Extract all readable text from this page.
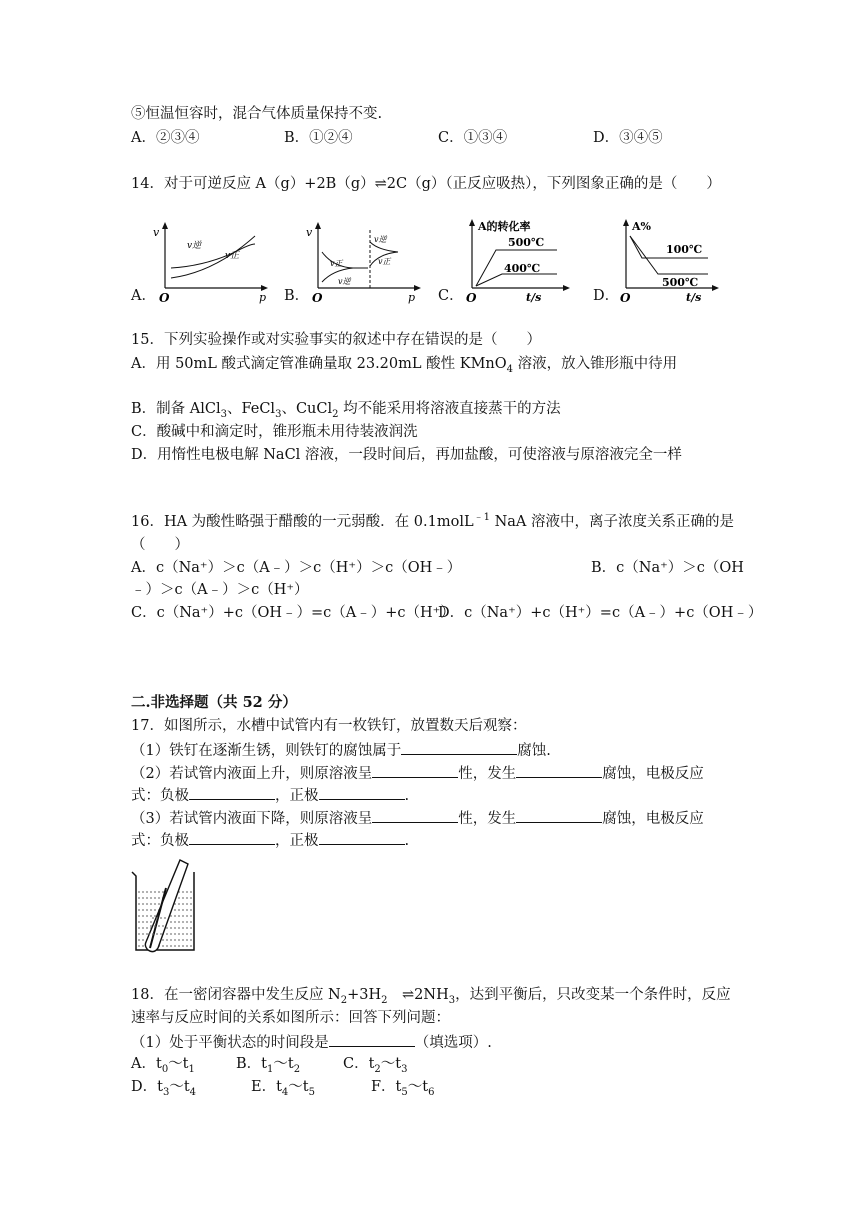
⑤恒温恒容时，混合气体质量保持不变.
A．②③④	B．①②④	C．①③④	D．③④⑤
14．对于可逆反应 A（g）+2B（g）⇌2C（g）（正反应吸热），下列图象正确的是（　　）
A．	B．	C．	D．
v
p
O
v逆
v正
v
p
O
v正
v逆
v逆
v正
A的转化率
t/s
O
500℃
400℃
A%
t/s
O
100℃
500℃
15．下列实验操作或对实验事实的叙述中存在错误的是（　　）
A．用 50mL 酸式滴定管准确量取 23.20mL 酸性 KMnO$_4$ 溶液，放入锥形瓶中待用
B．制备 AlCl$_3$、FeCl$_3$、CuCl$_2$ 均不能采用将溶液直接蒸干的方法
C．酸碱中和滴定时，锥形瓶未用待装液润洗
D．用惰性电极电解 NaCl 溶液，一段时间后，再加盐酸，可使溶液与原溶液完全一样
16．HA 为酸性略强于醋酸的一元弱酸．在 0.1molL$^{﹣1}$ NaA 溶液中，离子浓度关系正确的是
（　　）
A．c（Na⁺）＞c（A﹣）＞c（H⁺）＞c（OH﹣）	B．c（Na⁺）＞c（OH
﹣）＞c（A﹣）＞c（H⁺）
C．c（Na⁺）+c（OH﹣）=c（A﹣）+c（H⁺）
D．c（Na⁺）+c（H⁺）=c（A﹣）+c（OH﹣）
二.非选择题（共 52 分）
17．如图所示，水槽中试管内有一枚铁钉，放置数天后观察：
（1）铁钉在逐渐生锈，则铁钉的腐蚀属于	腐蚀.
（2）若试管内液面上升，则原溶液呈	性，发生	腐蚀，电极反应
式：负极	，正极	.
（3）若试管内液面下降，则原溶液呈	性，发生	腐蚀，电极反应
式：负极	，正极	.
18．在一密闭容器中发生反应 $N_2+3H_2$　$\rightleftharpoons 2NH_3$，达到平衡后，只改变某一个条件时，反应
速率与反应时间的关系如图所示：回答下列问题：
（1）处于平衡状态的时间段是	（填选项）.
A．$t_0\sim t_1$	B．$t_1\sim t_2$	C．$t_2\sim t_3$
D．$t_3\sim t_4$	E．$t_4\sim t_5$	F．$t_5\sim t_6$
